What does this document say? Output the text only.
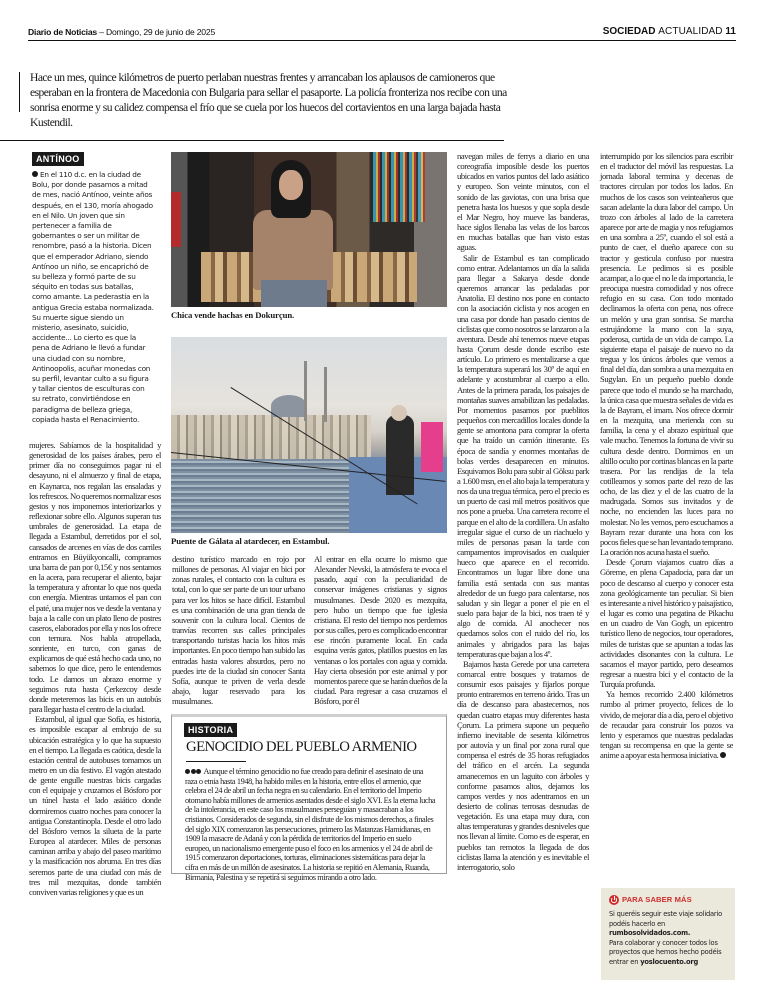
Diario de Noticias – Domingo, 29 de junio de 2025	SOCIEDAD ACTUALIDAD 11
Hace un mes, quince kilómetros de puerto perlaban nuestras frentes y arrancaban los aplausos de camioneros que esperaban en la frontera de Macedonia con Bulgaria para sellar el pasaporte. La policía fronteriza nos recibe con una sonrisa enorme y su calidez compensa el frío que se cuela por los huecos del cortavientos en una larga bajada hasta Kustendil.
ANTÍNOO
En el 110 d.c. en la ciudad de Bolu, por donde pasamos a mitad de mes, nació Antínoo, veinte años después, en el 130, moría ahogado en el Nilo. Un joven que sin pertenecer a familia de gobernantes o ser un militar de renombre, pasó a la historia. Dicen que el emperador Adriano, siendo Antínoo un niño, se encaprichó de su belleza y formó parte de su séquito en todas sus batallas, como amante. La pederastia en la antigua Grecia estaba normalizada. Su muerte sigue siendo un misterio, asesinato, suicidio, accidente... Lo cierto es que la pena de Adriano le llevó a fundar una ciudad con su nombre, Antinoopolis, acuñar monedas con su perfil, levantar culto a su figura y tallar cientos de esculturas con su retrato, convirtiéndose en paradigma de belleza griega, copiada hasta el Renacimiento.
Chica vende hachas en Dokurçun.
Puente de Gálata al atardecer, en Estambul.

mujeres. Sabíamos de la hospitalidad y generosidad de los países árabes, pero el primer día no conseguimos pagar ni el desayuno, ni el almuerzo y final de etapa, en Kaynarca, nos regalan las ensaladas y los refrescos. No queremos normalizar esos gestos y nos imponemos interiorizarlos y reflexionar sobre ello. Algunos superan tus umbrales de generosidad. La etapa de llegada a Estambul, derretidos por el sol, cansados de arcenes en vías de dos carriles entramos en Büyükyoncalli, compramos una barra de pan por 0,15€ y nos sentamos en la acera, para recuperar el aliento, bajar la temperatura y afrontar lo que nos queda con energía. Mientras untamos el pan con el paté, una mujer nos ve desde la ventana y baja a la calle con un plato lleno de postres caseros, elaborados por ella y nos los ofrece con ternura. Nos habla atropellada, sonriente, en turco, con ganas de explicarnos de qué está hecho cada uno, no sabemos lo que dice, pero le entendemos todo. Le damos un abrazo enorme y seguimos ruta hasta Çerkezcoy desde donde meteremos las bicis en un autobús para llegar hasta el centro de la ciudad.

Estambul, al igual que Sofía, es historia, es imposible escapar al embrujo de su ubicación estratégica y lo que ha supuesto en el tiempo. La llegada es caótica, desde la estación central de autobuses tomamos un metro en un día festivo. El vagón atestado de gente engulle nuestras bicis cargadas con el equipaje y cruzamos el Bósforo por un túnel hasta el lado asiático donde dormiremos cuatro noches para conocer la antigua Constantinopla. Desde el otro lado del Bósforo vemos la silueta de la parte Europea al atardecer. Miles de personas caminan arriba y abajo del paseo marítimo y la masificación nos abruma. En tres días seremos parte de una ciudad con más de tres mil mezquitas, donde también conviven varias religiones y que es un

destino turístico marcado en rojo por millones de personas. Al viajar en bici por zonas rurales, el contacto con la cultura es total, con lo que ser parte de un tour urbano para ver los hitos se hace difícil. Estambul es una combinación de una gran tienda de souvenir con la cultura local. Cientos de tranvías recorren sus calles principales transportando turistas hacia los hitos más importantes. En poco tiempo han subido las entradas hasta valores absurdos, pero no puedes irte de la ciudad sin conocer Santa Sofía, aunque te priven de verla desde abajo, lugar reservado para los musulmanes.

Al entrar en ella ocurre lo mismo que Alexander Nevski, la atmósfera te evoca el pasado, aquí con la peculiaridad de conservar imágenes cristianas y signos musulmanes. Desde 2020 es mezquita, pero hubo un tiempo que fue iglesia cristiana. El resto del tiempo nos perdemos por sus calles, pero es complicado encontrar ese rincón puramente local. En cada esquina verás gatos, platillos puestos en las ventanas o los portales con agua y comida. Hay cierta obsesión por este animal y por momentos parece que se harán dueños de la ciudad. Para regresar a casa cruzamos el Bósforo, por él

navegan miles de ferrys a diario en una coreografía imposible desde los puertos ubicados en varios puntos del lado asiático y europeo. Son veinte minutos, con el sonido de las gaviotas, con una brisa que penetra hasta los huesos y que sopla desde el Mar Negro, hoy mueve las banderas, hace siglos llenaba las velas de los barcos en muchas batallas que han visto estas aguas.

Salir de Estambul es tan complicado como entrar. Adelantamos un día la salida para llegar a Sakarya desde donde queremos arrancar las pedaladas por Anatolia. El destino nos pone en contacto con la asociación ciclista y nos acogen en una casa por donde han pasado cientos de ciclistas que como nosotros se lanzaron a la aventura. Desde ahí tenemos nueve etapas hasta Çorum desde donde escribo este artículo. Lo primero es mentalizarse a que la temperatura superará los 30º de aquí en adelante y acostumbrar al cuerpo a ello. Antes de la primera parada, los paisajes de montañas suaves amabilizan las pedaladas. Por momentos pasamos por pueblitos pequeños con mercadillos locales donde la gente se amontona para comprar la oferta que ha traído un camión itinerante. Es época de sandía y enormes montañas de bolas verdes desaparecen en minutos. Esquivamos Bolu para subir al Göksu park a 1.600 msn, en el alto baja la temperatura y nos da una tregua térmica, pero el precio es un puerto de casi mil metros positivos que nos pone a prueba. Una carretera recorre el parque en el alto de la cordillera. Un asfalto irregular sigue el curso de un riachuelo y miles de personas pasan la tarde con campamentos improvisados en cualquier hueco que aparece en el recorrido. Encontramos un lugar libre done una familia está sentada con sus mantas alrededor de un fuego para calentarse, nos saludan y sin llegar a poner el pie en el suelo para bajar de la bici, nos traen té y algo de comida. Al anochecer nos quedamos solos con el ruido del río, los animales y abrigados para las bajas temperaturas que bajan a los 4º.

Bajamos hasta Gerede por una carretera comarcal entre bosques y tratamos de consumir esos paisajes y fijarlos porque pronto entraremos en terreno árido. Tras un día de descanso para abastecernos, nos quedan cuatro etapas muy diferentes hasta Çorum. La primera supone un pequeño infierno inevitable de sesenta kilómetros por autovía y un final por zona rural que compensa el estrés de 35 horas refugiados del tráfico en el arcén. La segunda amanecemos en un laguito con árboles y conforme pasamos altos, dejamos los campos verdes y nos adentramos en un desierto de colinas terrosas desnudas de vegetación. Es una etapa muy dura, con altas temperaturas y grandes desniveles que nos llevan al límite. Como es de esperar, en pueblos tan remotos la llegada de dos ciclistas llama la atención y es inevitable el interrogatorio, solo

interrumpido por los silencios para escribir en el traductor del móvil las respuestas. La jornada laboral termina y decenas de tractores circulan por todos los lados. En muchos de los casos son veinteañeros que sacan adelante la dura labor del campo. Un trozo con árboles al lado de la carretera aparece por arte de magia y nos refugiamos en una sombra a 25º, cuando el sol está a punto de caer, el dueño aparece con su tractor y gesticula confuso por nuestra presencia. Le pedimos si es posible acampar, a lo que el no le da importancia, le preocupa nuestra comodidad y nos ofrece refugio en su casa. Con todo montado declinamos la oferta con pena, nos ofrece un melón y una gran sonrisa. Se marcha estrujándome la mano con la suya, poderosa, curtida de un vida de campo. La siguiente etapa el paisaje de nuevo no da tregua y los únicos árboles que vemos a final del día, dan sombra a una mezquita en Sugylan. En un pequeño pueblo donde parece que todo el mundo se ha marchado, la única casa que muestra señales de vida es la de Bayram, el imam. Nos ofrece dormir en la mezquita, una merienda con su familia, la cena y el abrazo espiritual que vale mucho. Tenemos la fortuna de vivir su cultura desde dentro. Dormimos en un altillo oculto por cortinas blancas en la parte trasera. Por las rendijas de la tela cotilleamos y somos parte del rezo de las ocho, de las diez y el de las cuatro de la madrugada. Somos sus invitados y de noche, no encienden las luces para no molestar. No les vemos, pero escuchamos a Bayram rezar durante una hora con los pocos fieles que se han levantado temprano. La oración nos acuna hasta el sueño.

Desde Çorum viajamos cuatro días a Göreme, en plena Capadocia, para dar un poco de descanso al cuerpo y conocer esta zona geológicamente tan peculiar. Si bien es interesante a nivel histórico y paisajístico, el lugar es como una pegatina de Pikachu en un cuadro de Van Gogh, un epicentro turístico lleno de negocios, tour operadores, miles de turistas que se apuntan a todas las actividades disonantes con la cultura. Le sacamos el mayor partido, pero deseamos regresar a nuestra bici y el contacto de la Turquía profunda.

Ya hemos recorrido 2.400 kilómetros rumbo al primer proyecto, felices de lo vivido, de mejorar día a día, pero el objetivo de recaudar para construir los pozos va lento y esperamos que nuestras pedaladas tengan su recompensa en que la gente se anime a apoyar esta hermosa iniciativa.

HISTORIA
GENOCIDIO DEL PUEBLO ARMENIO
Aunque el término genocidio no fue creado para definir el asesinato de una raza o etnia hasta 1948, ha habido miles en la historia, entre ellos el armenio, que celebra el 24 de abril un fecha negra en su calendario. En el territorio del Imperio otomano había millones de armenios asentados desde el siglo XVI. Es la eterna lucha de la intolerancia, en este caso los musulmanes perseguían y masacraban a los cristianos. Considerados de segunda, sin el disfrute de los mismos derechos, a finales del siglo XIX comenzaron las persecuciones, primero las Matanzas Hamidianas, en 1909 la masacre de Adaná y con la pérdida de territorios del Imperio en suelo europeo, un nacionalismo emergente puso el foco en los armenios y el 24 de abril de 1915 comenzaron deportaciones, torturas, eliminaciones sistemáticas para dejar la cifra en más de un millón de asesinatos. La historia se repitió en Alemania, Ruanda, Birmania, Palestina y se repetirá si seguimos mirando a otro lado.
PARA SABER MÁS
Si queréis seguir este viaje solidario podéis hacerlo en rumbosolvidados.com.
Para colaborar y conocer todos los proyectos que hemos hecho podéis entrar en yoslocuento.org
